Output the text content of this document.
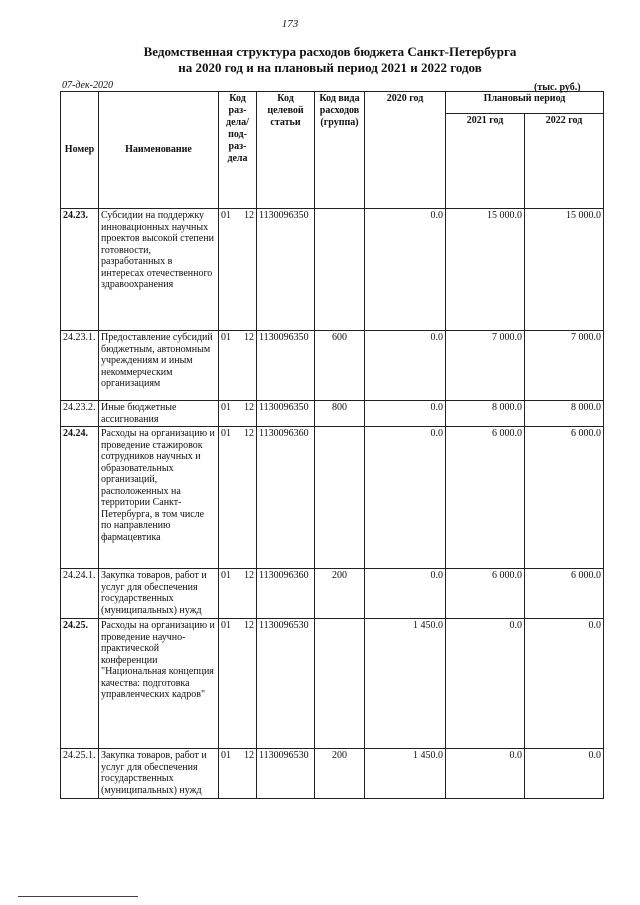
173
Ведомственная структура расходов бюджета Санкт-Петербурга
на 2020 год и на плановый период 2021 и 2022 годов
07-дек-2020	(тыс. руб.)
Номер	Наименование	Код раз-дела/ под-раз-дела	Код целевой статьи	Код вида расходов (группа)	2020 год	Плановый период	
						2021 год	2022 год
24.23.	Субсидии на поддержку инновационных научных проектов высокой степени готовности, разработанных в интересах отечественного здравоохранения	01 12	1130096350		0.0	15 000.0	15 000.0
24.23.1.	Предоставление субсидий бюджетным, автономным учреждениям и иным некоммерческим организациям	01 12	1130096350	600	0.0	7 000.0	7 000.0
24.23.2.	Иные бюджетные ассигнования	01 12	1130096350	800	0.0	8 000.0	8 000.0
24.24.	Расходы на организацию и проведение стажировок сотрудников научных и образовательных организаций, расположенных на территории Санкт-Петербурга, в том числе по направлению фармацевтика	01 12	1130096360		0.0	6 000.0	6 000.0
24.24.1.	Закупка товаров, работ и услуг для обеспечения государственных (муниципальных) нужд	01 12	1130096360	200	0.0	6 000.0	6 000.0
24.25.	Расходы на организацию и проведение научно-практической конференции "Национальная концепция качества: подготовка управленческих кадров"	01 12	1130096530		1 450.0	0.0	0.0
24.25.1.	Закупка товаров, работ и услуг для обеспечения государственных (муниципальных) нужд	01 12	1130096530	200	1 450.0	0.0	0.0
